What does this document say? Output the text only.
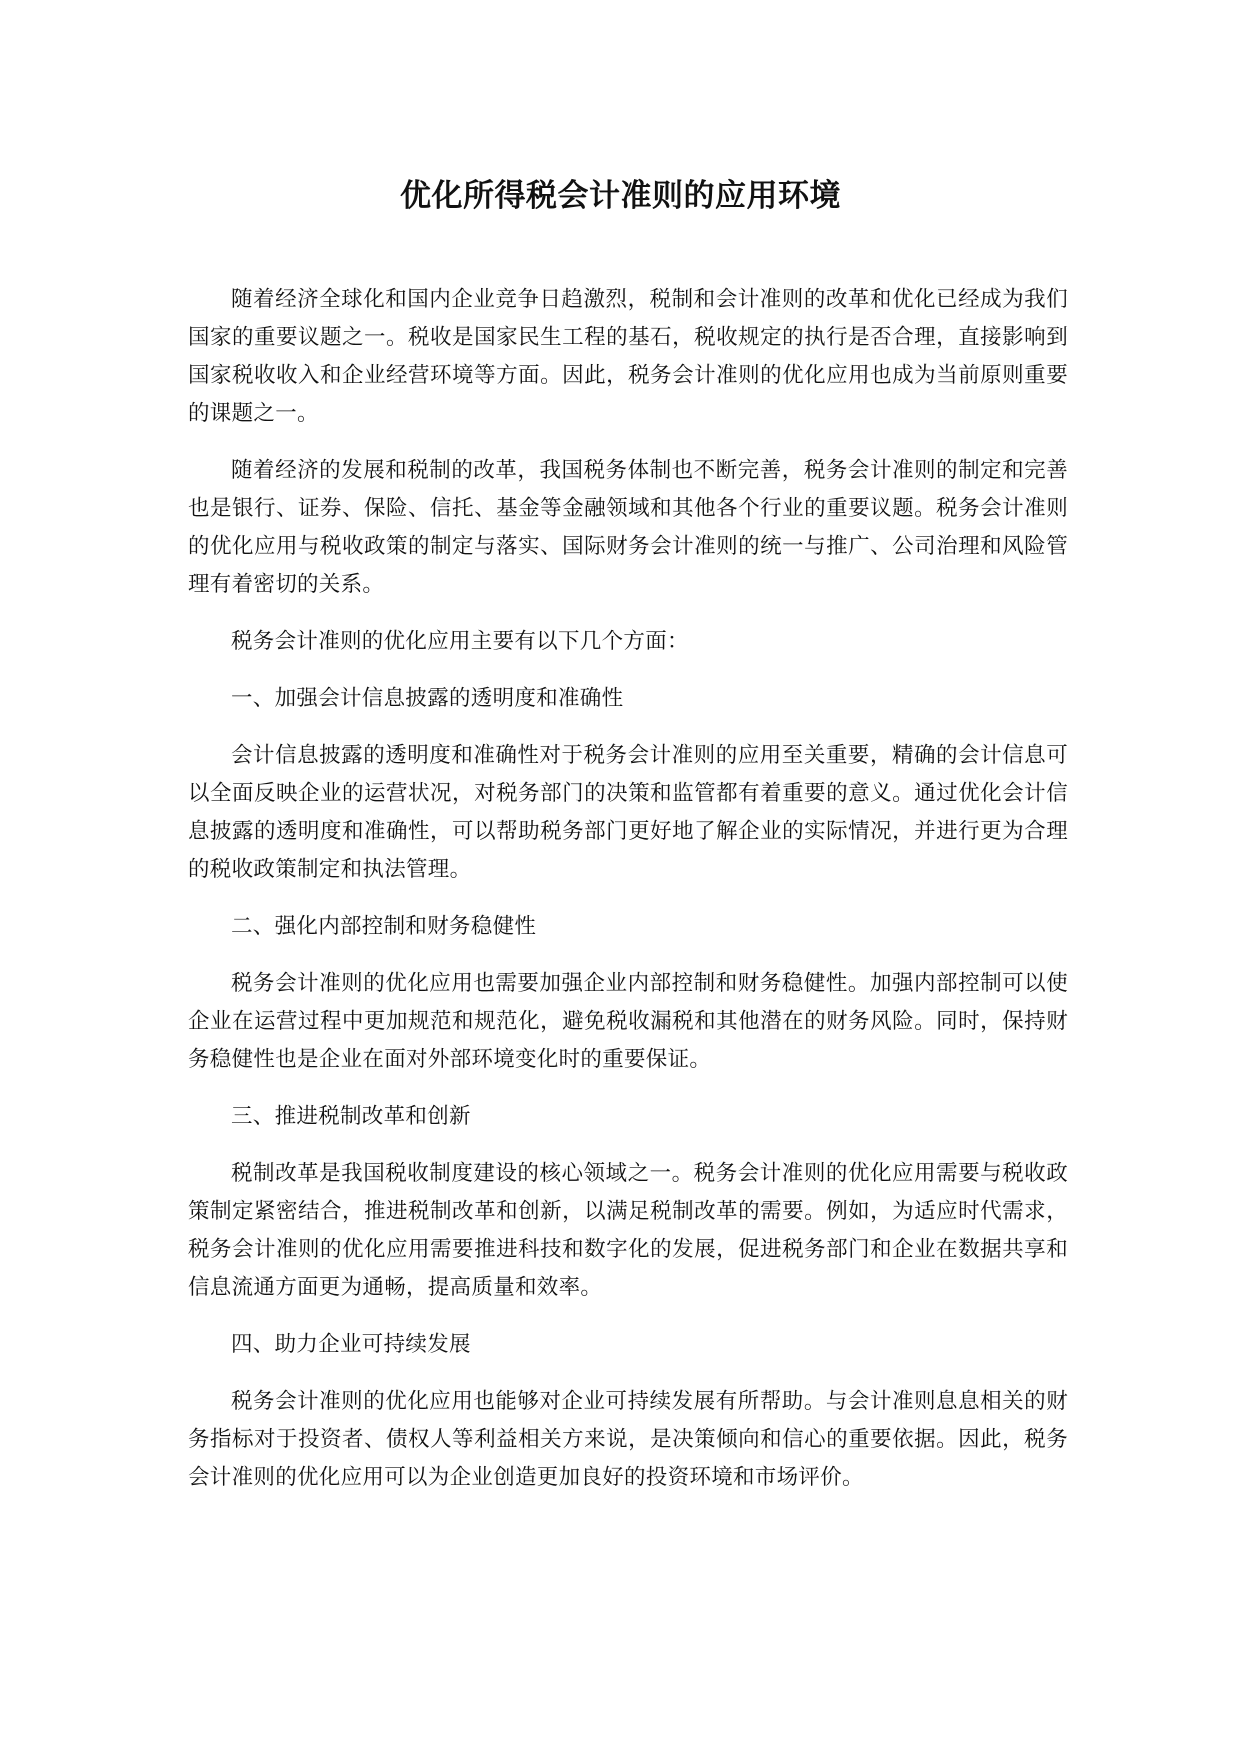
优化所得税会计准则的应用环境

随着经济全球化和国内企业竞争日趋激烈，税制和会计准则的改革和优化已经成为我们国家的重要议题之一。税收是国家民生工程的基石，税收规定的执行是否合理，直接影响到国家税收收入和企业经营环境等方面。因此，税务会计准则的优化应用也成为当前原则重要的课题之一。

随着经济的发展和税制的改革，我国税务体制也不断完善，税务会计准则的制定和完善也是银行、证券、保险、信托、基金等金融领域和其他各个行业的重要议题。税务会计准则的优化应用与税收政策的制定与落实、国际财务会计准则的统一与推广、公司治理和风险管理有着密切的关系。

税务会计准则的优化应用主要有以下几个方面：

一、加强会计信息披露的透明度和准确性

会计信息披露的透明度和准确性对于税务会计准则的应用至关重要，精确的会计信息可以全面反映企业的运营状况，对税务部门的决策和监管都有着重要的意义。通过优化会计信息披露的透明度和准确性，可以帮助税务部门更好地了解企业的实际情况，并进行更为合理的税收政策制定和执法管理。

二、强化内部控制和财务稳健性

税务会计准则的优化应用也需要加强企业内部控制和财务稳健性。加强内部控制可以使企业在运营过程中更加规范和规范化，避免税收漏税和其他潜在的财务风险。同时，保持财务稳健性也是企业在面对外部环境变化时的重要保证。

三、推进税制改革和创新

税制改革是我国税收制度建设的核心领域之一。税务会计准则的优化应用需要与税收政策制定紧密结合，推进税制改革和创新，以满足税制改革的需要。例如，为适应时代需求，税务会计准则的优化应用需要推进科技和数字化的发展，促进税务部门和企业在数据共享和信息流通方面更为通畅，提高质量和效率。

四、助力企业可持续发展

税务会计准则的优化应用也能够对企业可持续发展有所帮助。与会计准则息息相关的财务指标对于投资者、债权人等利益相关方来说，是决策倾向和信心的重要依据。因此，税务会计准则的优化应用可以为企业创造更加良好的投资环境和市场评价。
